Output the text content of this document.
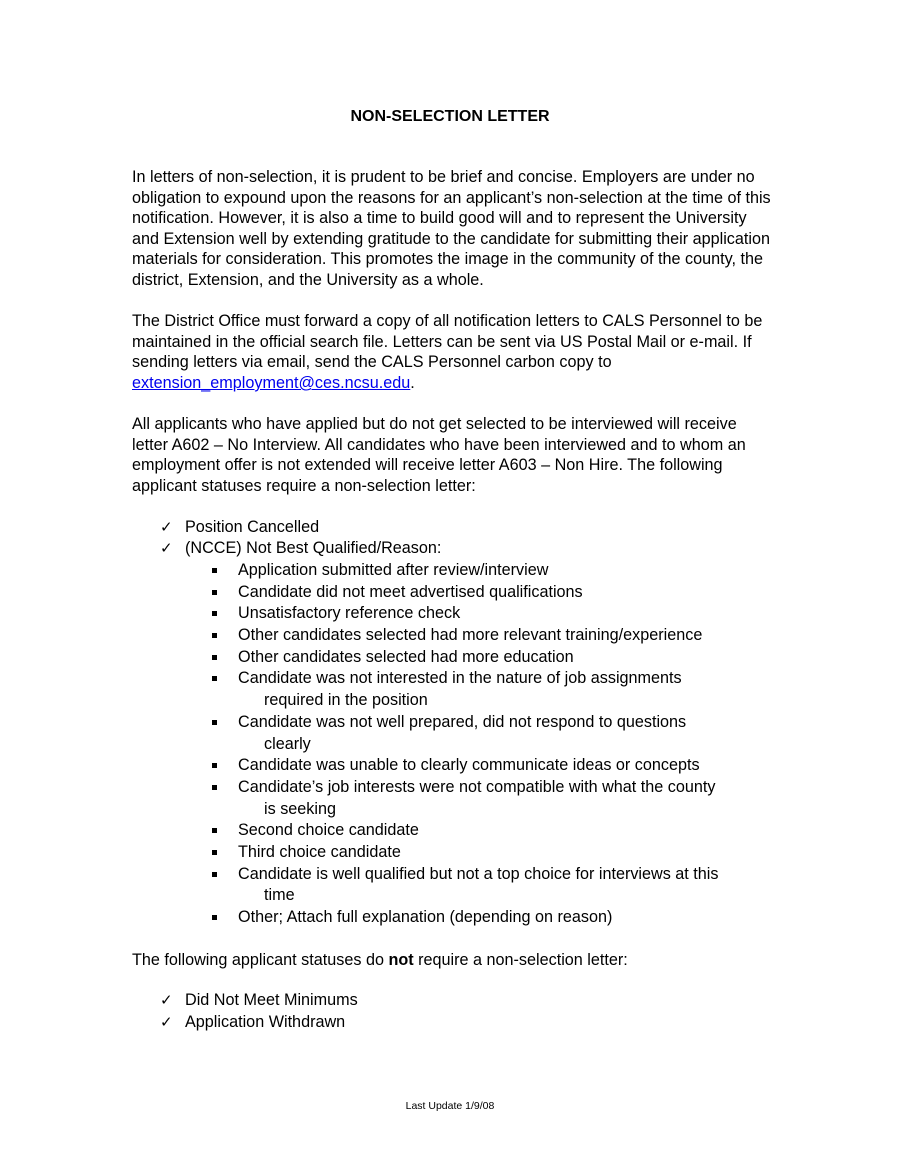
NON-SELECTION LETTER

In letters of non-selection, it is prudent to be brief and concise. Employers are under no obligation to expound upon the reasons for an applicant’s non-selection at the time of this notification. However, it is also a time to build good will and to represent the University and Extension well by extending gratitude to the candidate for submitting their application materials for consideration. This promotes the image in the community of the county, the district, Extension, and the University as a whole.

The District Office must forward a copy of all notification letters to CALS Personnel to be maintained in the official search file. Letters can be sent via US Postal Mail or e-mail. If sending letters via email, send the CALS Personnel carbon copy to extension_employment@ces.ncsu.edu.

All applicants who have applied but do not get selected to be interviewed will receive letter A602 – No Interview. All candidates who have been interviewed and to whom an employment offer is not extended will receive letter A603 – Non Hire. The following applicant statuses require a non-selection letter:

✓ Position Cancelled
✓ (NCCE) Not Best Qualified/Reason:
Application submitted after review/interview
Candidate did not meet advertised qualifications
Unsatisfactory reference check
Other candidates selected had more relevant training/experience
Other candidates selected had more education
Candidate was not interested in the nature of job assignments
required in the position
Candidate was not well prepared, did not respond to questions
clearly
Candidate was unable to clearly communicate ideas or concepts
Candidate’s job interests were not compatible with what the county
is seeking
Second choice candidate
Third choice candidate
Candidate is well qualified but not a top choice for interviews at this
time
Other; Attach full explanation (depending on reason)

The following applicant statuses do not require a non-selection letter:

✓ Did Not Meet Minimums
✓ Application Withdrawn
Last Update 1/9/08
